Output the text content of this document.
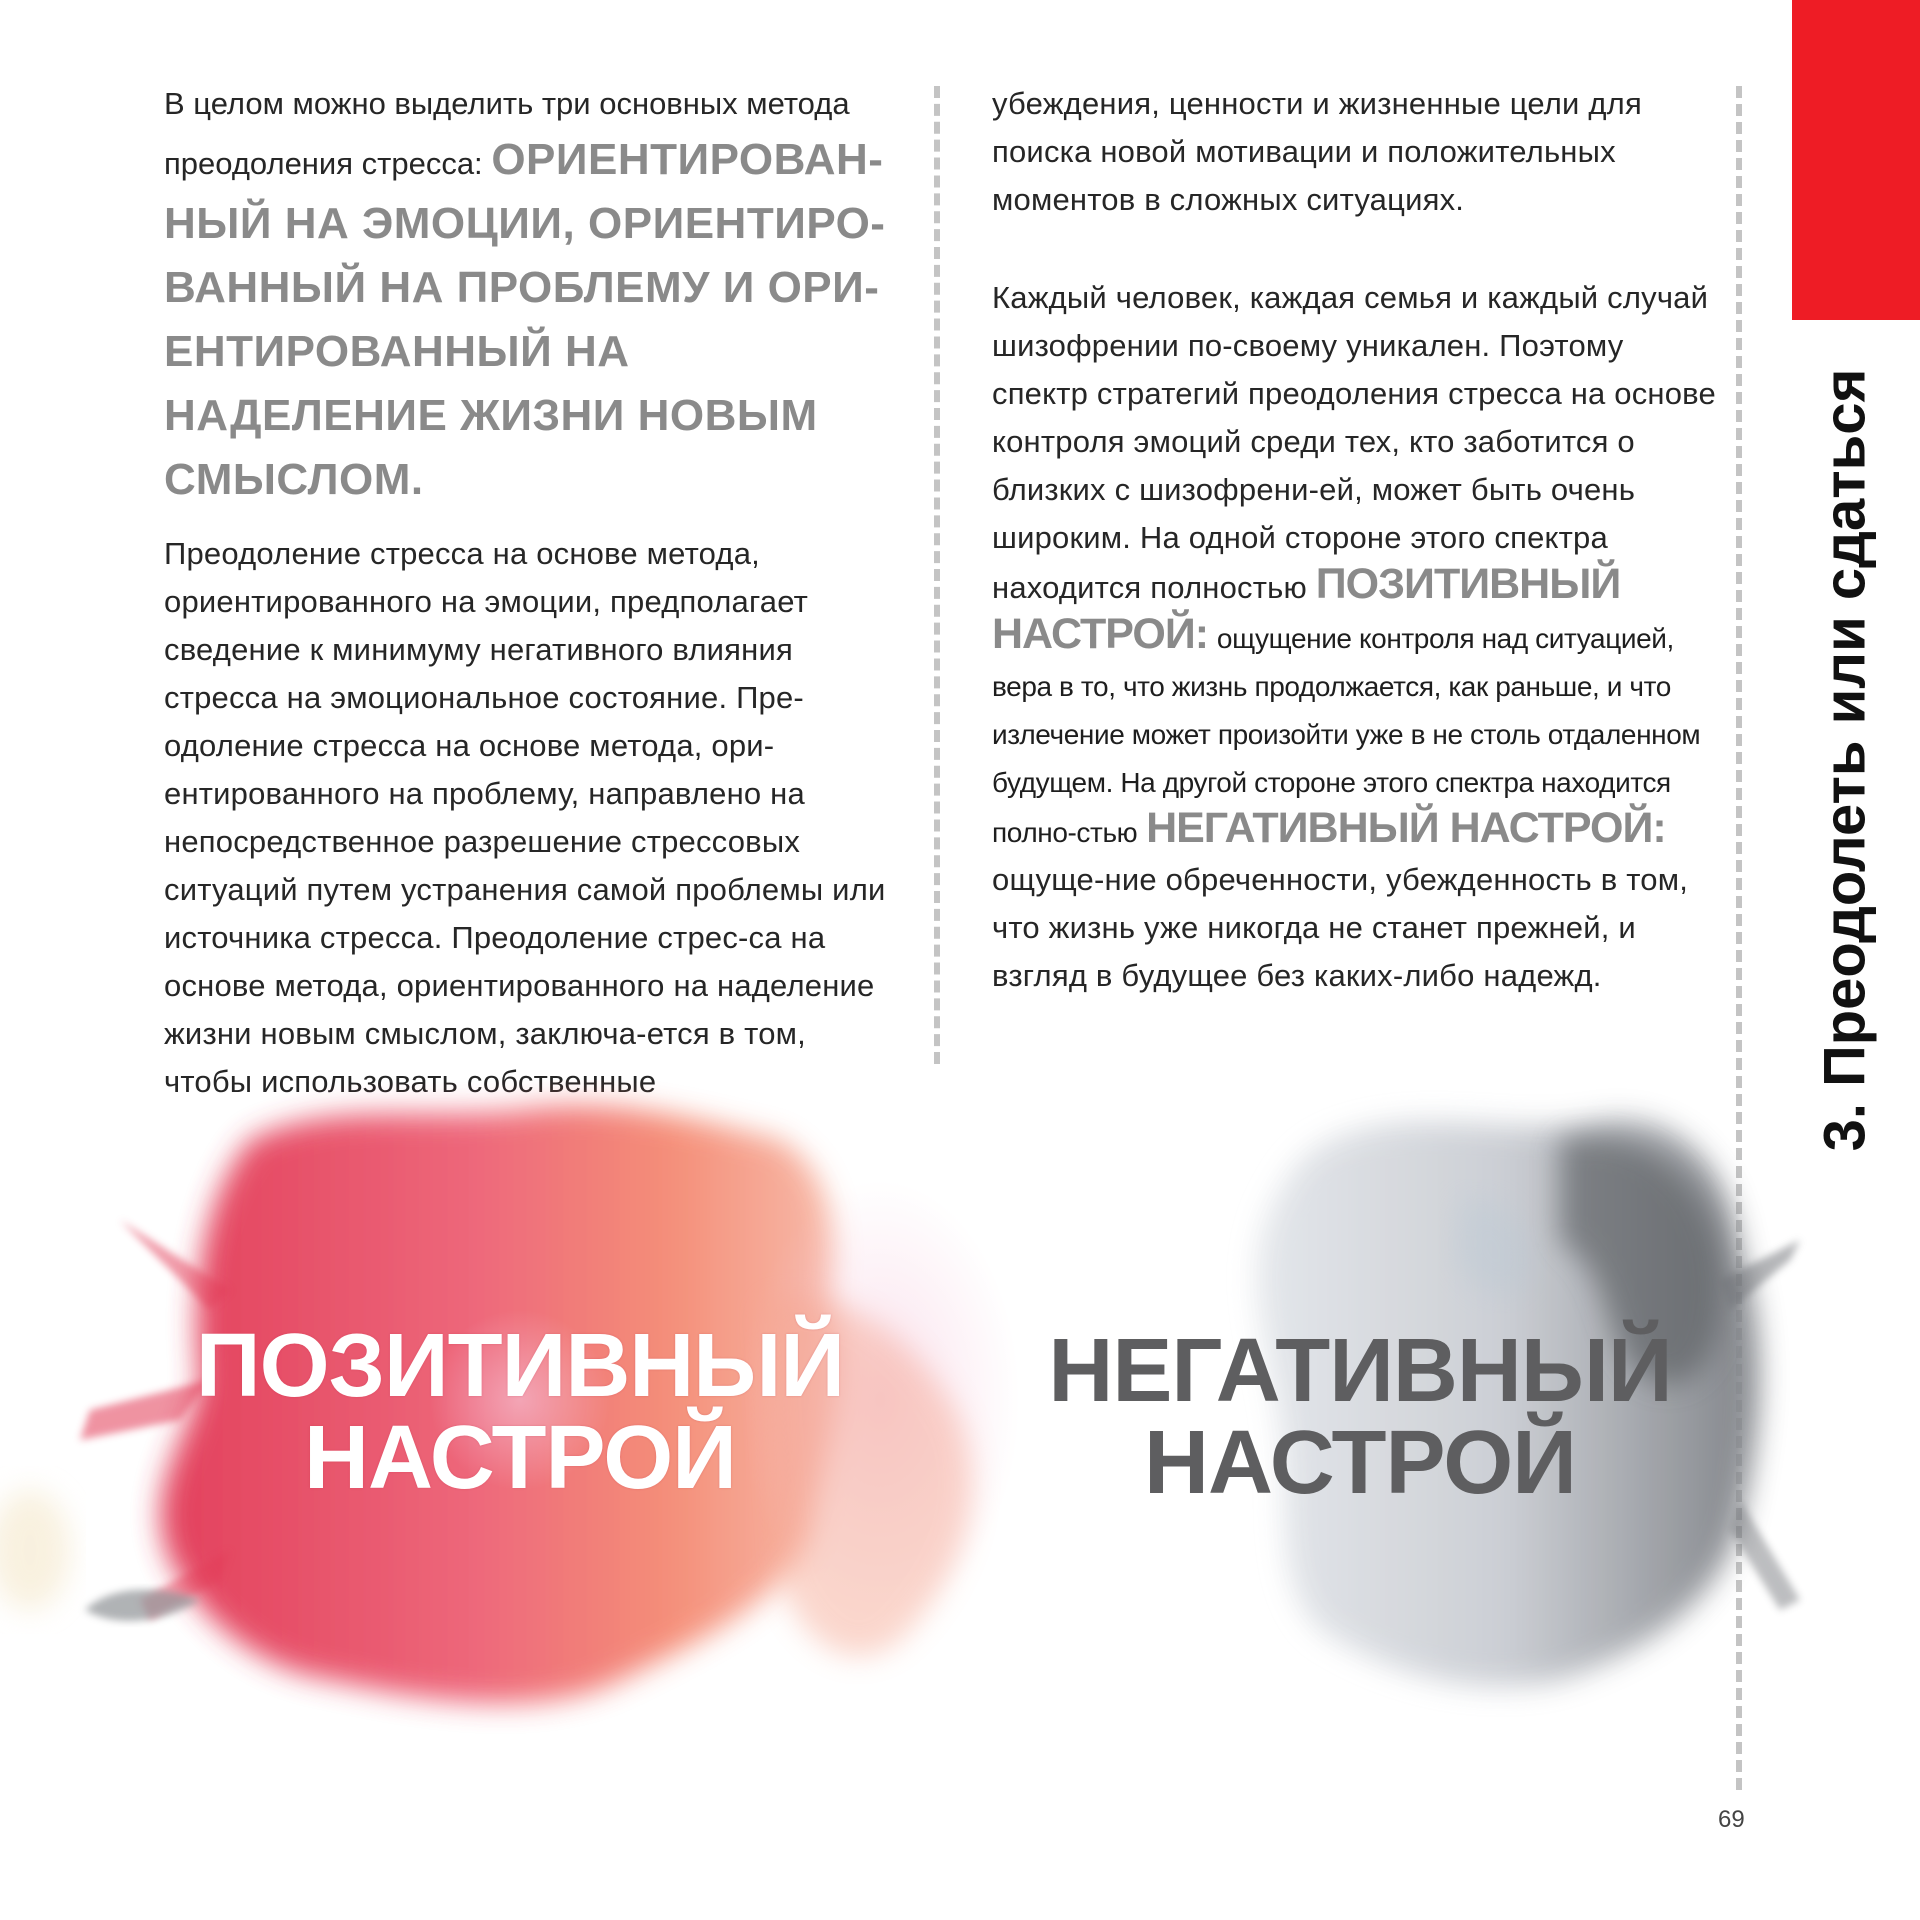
3. Преодолеть или сдаться

В целом можно выделить три основных метода преодоления стресса: ОРИЕНТИРОВАН-НЫЙ НА ЭМОЦИИ, ОРИЕНТИРО-ВАННЫЙ НА ПРОБЛЕМУ И ОРИ-ЕНТИРОВАННЫЙ НА НАДЕЛЕНИЕ ЖИЗНИ НОВЫМ СМЫСЛОМ.

Преодоление стресса на основе метода, ориентированного на эмоции, предполагает сведение к минимуму негативного влияния стресса на эмоциональное состояние. Пре-одоление стресса на основе метода, ори-ентированного на проблему, направлено на непосредственное разрешение стрессовых ситуаций путем устранения самой проблемы или источника стресса. Преодоление стрес-са на основе метода, ориентированного на наделение жизни новым смыслом, заключа-ется в том, чтобы использовать собственные

убеждения, ценности и жизненные цели для поиска новой мотивации и положительных моментов в сложных ситуациях.

Каждый человек, каждая семья и каждый случай шизофрении по-своему уникален. Поэтому спектр стратегий преодоления стресса на основе контроля эмоций среди тех, кто заботится о близких с шизофрени-ей, может быть очень широким. На одной стороне этого спектра находится полностью ПОЗИТИВНЫЙ НАСТРОЙ: ощущение контроля над ситуацией, вера в то, что жизнь продолжается, как раньше, и что излечение может произойти уже в не столь отдаленном будущем. На другой стороне этого спектра находится полно-стью НЕГАТИВНЫЙ НАСТРОЙ: ощуще-ние обреченности, убежденность в том, что жизнь уже никогда не станет прежней, и взгляд в будущее без каких-либо надежд.

ПОЗИТИВНЫЙ НАСТРОЙ
НЕГАТИВНЫЙ НАСТРОЙ
69
